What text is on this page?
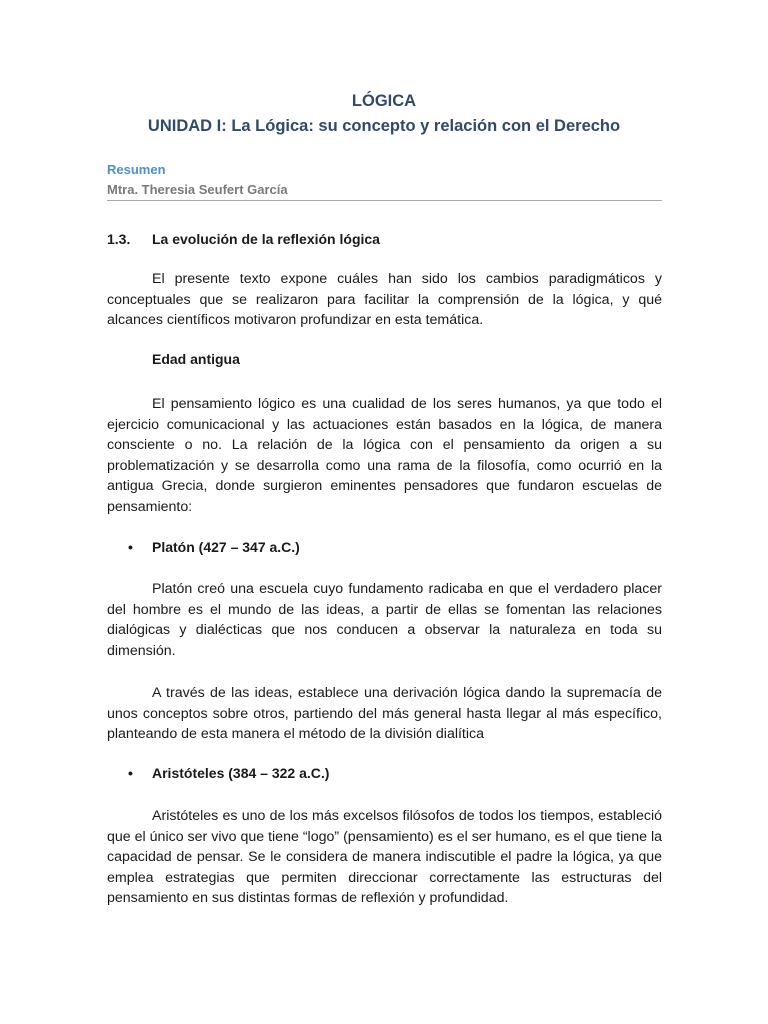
LÓGICA
UNIDAD I: La Lógica: su concepto y relación con el Derecho
Resumen
Mtra. Theresia Seufert García
1.3. La evolución de la reflexión lógica
El presente texto expone cuáles han sido los cambios paradigmáticos y conceptuales que se realizaron para facilitar la comprensión de la lógica, y qué alcances científicos motivaron profundizar en esta temática.
Edad antigua
El pensamiento lógico es una cualidad de los seres humanos, ya que todo el ejercicio comunicacional y las actuaciones están basados en la lógica, de manera consciente o no. La relación de la lógica con el pensamiento da origen a su problematización y se desarrolla como una rama de la filosofía, como ocurrió en la antigua Grecia, donde surgieron eminentes pensadores que fundaron escuelas de pensamiento:
• Platón (427 – 347 a.C.)
Platón creó una escuela cuyo fundamento radicaba en que el verdadero placer del hombre es el mundo de las ideas, a partir de ellas se fomentan las relaciones dialógicas y dialécticas que nos conducen a observar la naturaleza en toda su dimensión.
A través de las ideas, establece una derivación lógica dando la supremacía de unos conceptos sobre otros, partiendo del más general hasta llegar al más específico, planteando de esta manera el método de la división dialítica
• Aristóteles (384 – 322 a.C.)
Aristóteles es uno de los más excelsos filósofos de todos los tiempos, estableció que el único ser vivo que tiene “logo” (pensamiento) es el ser humano, es el que tiene la capacidad de pensar. Se le considera de manera indiscutible el padre la lógica, ya que emplea estrategias que permiten direccionar correctamente las estructuras del pensamiento en sus distintas formas de reflexión y profundidad.
